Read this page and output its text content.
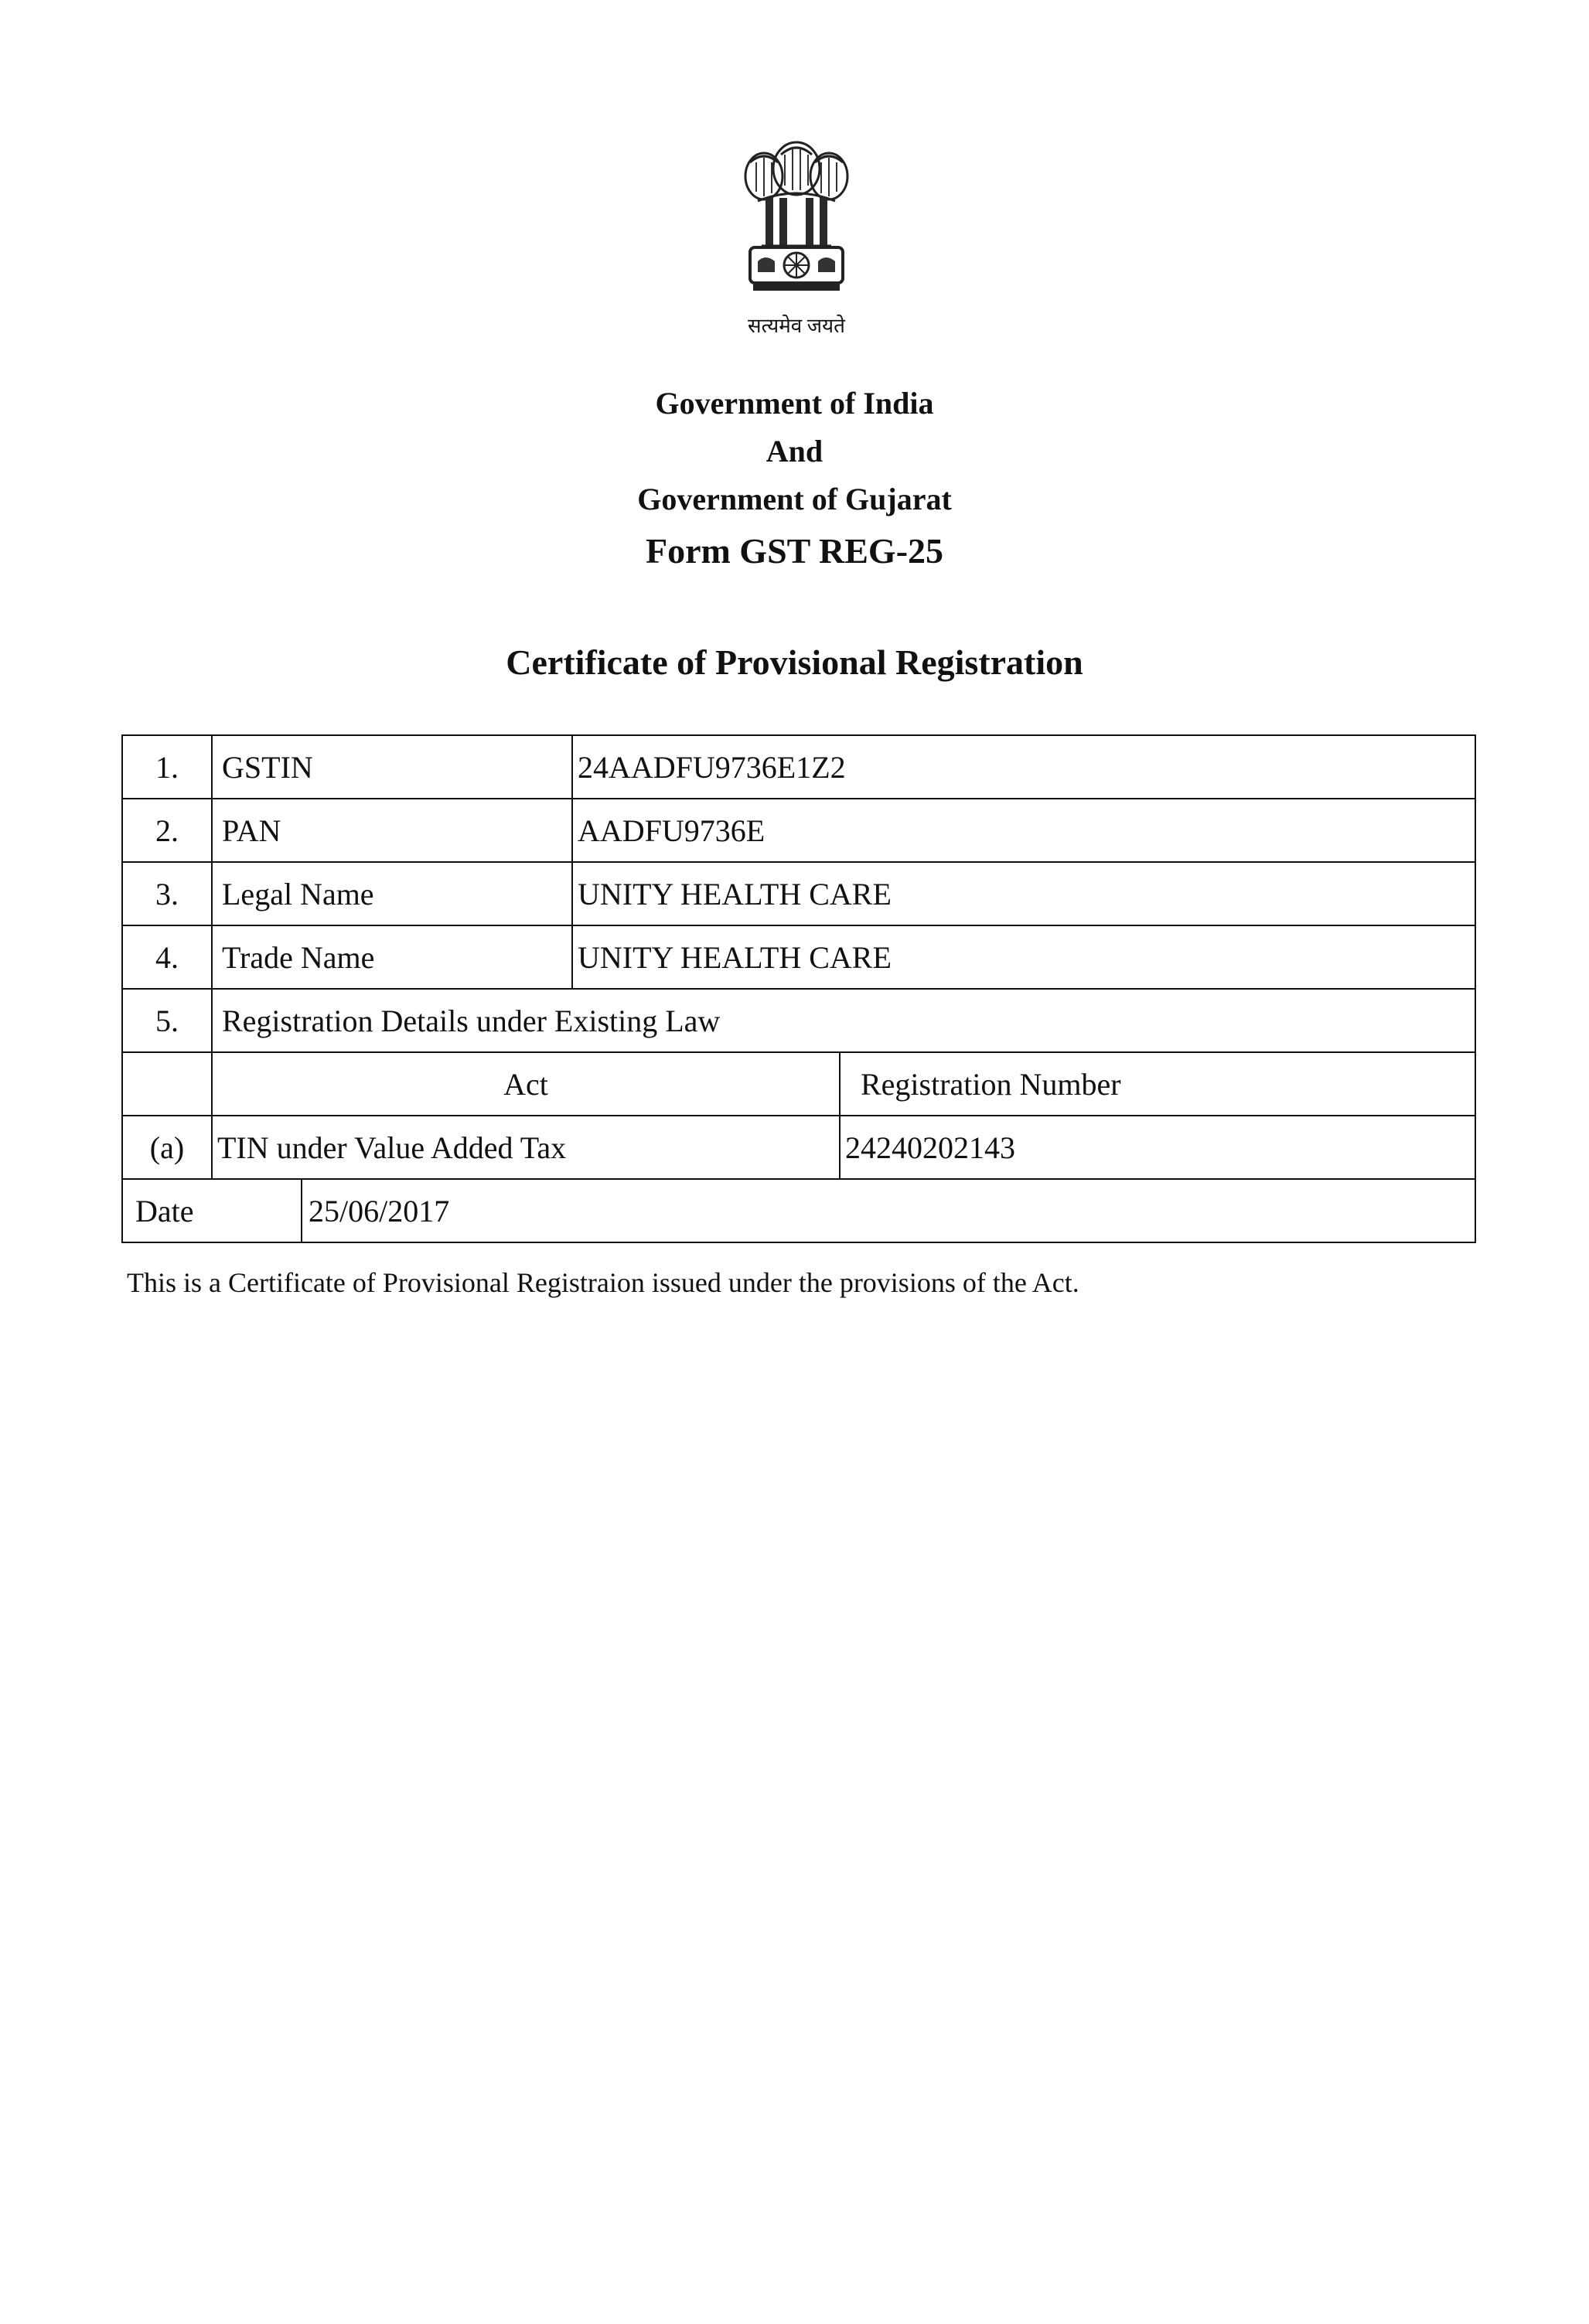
सत्यमेव जयते
Government of India
And
Government of Gujarat
Form GST REG-25
Certificate of Provisional Registration
1.	GSTIN		24AADFU9736E1Z2	
2.	PAN		AADFU9736E	
3.	Legal Name		UNITY HEALTH CARE	
4.	Trade Name		UNITY HEALTH CARE	
5.	Registration Details under Existing Law			
	Act			Registration Number
(a)	TIN under Value Added Tax			24240202143
Date		25/06/2017		
This is a Certificate of Provisional Registraion issued under the provisions of the Act.
